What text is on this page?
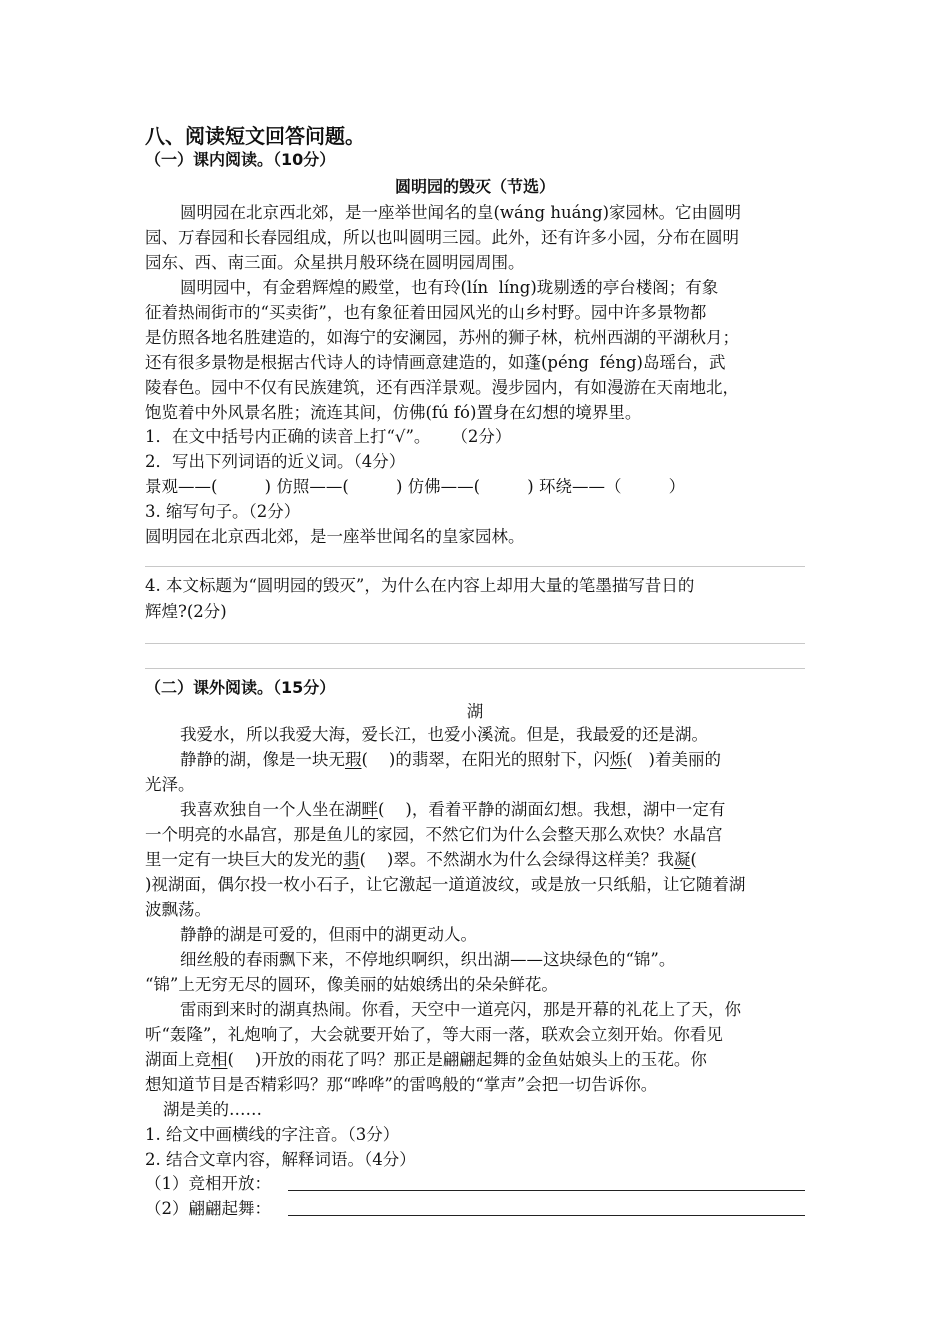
八、阅读短文回答问题。
（一）课内阅读。（10分）
圆明园的毁灭（节选）
圆明园在北京西北郊，是一座举世闻名的皇(wáng huáng)家园林。它由圆明
园、万春园和长春园组成，所以也叫圆明三园。此外，还有许多小园，分布在圆明
园东、西、南三面。众星拱月般环绕在圆明园周围。
圆明园中，有金碧辉煌的殿堂，也有玲(lín  líng)珑剔透的亭台楼阁；有象
征着热闹街市的“买卖街”，也有象征着田园风光的山乡村野。园中许多景物都
是仿照各地名胜建造的，如海宁的安澜园，苏州的狮子林，杭州西湖的平湖秋月；
还有很多景物是根据古代诗人的诗情画意建造的，如蓬(péng  féng)岛瑶台，武
陵春色。园中不仅有民族建筑，还有西洋景观。漫步园内，有如漫游在天南地北，
饱览着中外风景名胜；流连其间，仿佛(fú fó)置身在幻想的境界里。
1．在文中括号内正确的读音上打“√”。    （2分）
2．写出下列词语的近义词。（4分）
景观——(         ) 仿照——(         ) 仿佛——(         ) 环绕——（         ）
3. 缩写句子。（2分）
圆明园在北京西北郊，是一座举世闻名的皇家园林。
4. 本文标题为“圆明园的毁灭”，为什么在内容上却用大量的笔墨描写昔日的
辉煌?(2分)
（二）课外阅读。（15分）
湖
我爱水，所以我爱大海，爱长江，也爱小溪流。但是，我最爱的还是湖。
静静的湖，像是一块无瑕(    )的翡翠，在阳光的照射下，闪烁(   )着美丽的
光泽。
我喜欢独自一个人坐在湖畔(    )，看着平静的湖面幻想。我想，湖中一定有
一个明亮的水晶宫，那是鱼儿的家园，不然它们为什么会整天那么欢快？水晶宫
里一定有一块巨大的发光的翡(    )翠。不然湖水为什么会绿得这样美？我凝(
)视湖面，偶尔投一枚小石子，让它激起一道道波纹，或是放一只纸船，让它随着湖
波飘荡。
静静的湖是可爱的，但雨中的湖更动人。
细丝般的春雨飘下来，不停地织啊织，织出湖——这块绿色的“锦”。
“锦”上无穷无尽的圆环，像美丽的姑娘绣出的朵朵鲜花。
雷雨到来时的湖真热闹。你看，天空中一道亮闪，那是开幕的礼花上了天，你
听“轰隆”，礼炮响了，大会就要开始了，等大雨一落，联欢会立刻开始。你看见
湖面上竞相(    )开放的雨花了吗？那正是翩翩起舞的金鱼姑娘头上的玉花。你
想知道节目是否精彩吗？那“哗哗”的雷鸣般的“掌声”会把一切告诉你。
湖是美的……
1. 给文中画横线的字注音。（3分）
2. 结合文章内容，解释词语。（4分）
（1）竞相开放：
（2）翩翩起舞：
